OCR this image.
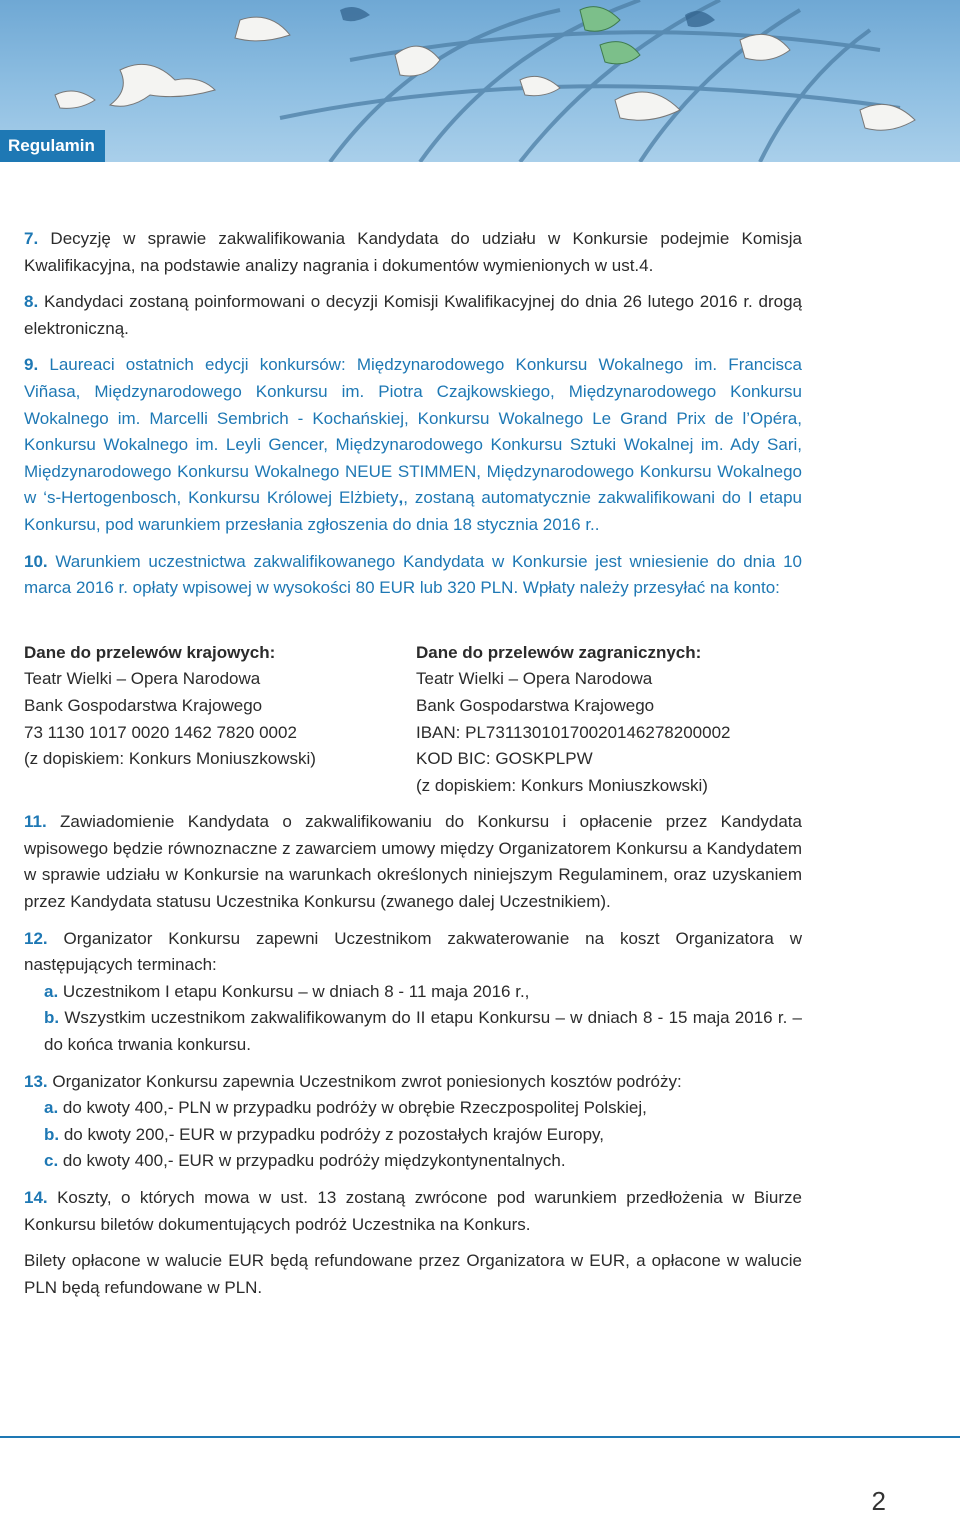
Regulamin

7. Decyzję w sprawie zakwalifikowania Kandydata do udziału w Konkursie podejmie Komisja Kwalifikacyjna, na podstawie analizy nagrania i dokumentów wymienionych w ust.4.

8. Kandydaci zostaną poinformowani o decyzji Komisji Kwalifikacyjnej do dnia 26 lutego 2016 r. drogą elektroniczną.

9. Laureaci ostatnich edycji konkursów: Międzynarodowego Konkursu Wokalnego im. Francisca Viñasa, Międzynarodowego Konkursu im. Piotra Czajkowskiego, Międzynarodowego Konkursu Wokalnego im. Marcelli Sembrich - Kochańskiej, Konkursu Wokalnego Le Grand Prix de l’Opéra, Konkursu Wokalnego im. Leyli Gencer, Międzynarodowego Konkursu Sztuki Wokalnej im. Ady Sari, Międzynarodowego Konkursu Wokalnego NEUE STIMMEN, Międzynarodowego Konkursu Wokalnego w ‘s-Hertogenbosch, Konkursu Królowej Elżbiety,, zostaną automatycznie zakwalifikowani do I etapu Konkursu, pod warunkiem przesłania zgłoszenia do dnia 18 stycznia 2016 r..

10. Warunkiem uczestnictwa zakwalifikowanego Kandydata w Konkursie jest wniesienie do dnia 10 marca 2016 r. opłaty wpisowej w wysokości 80 EUR lub 320 PLN. Wpłaty należy przesyłać na konto:

Dane do przelewów krajowych:
Teatr Wielki – Opera Narodowa
Bank Gospodarstwa Krajowego
73 1130 1017 0020 1462 7820 0002
(z dopiskiem: Konkurs Moniuszkowski)
Dane do przelewów zagranicznych:
Teatr Wielki – Opera Narodowa
Bank Gospodarstwa Krajowego
IBAN: PL73113010170020146278200002
KOD BIC: GOSKPLPW
(z dopiskiem: Konkurs Moniuszkowski)

11. Zawiadomienie Kandydata o zakwalifikowaniu do Konkursu i opłacenie przez Kandydata wpisowego będzie równoznaczne z zawarciem umowy między Organizatorem Konkursu a Kandydatem w sprawie udziału w Konkursie na warunkach określonych niniejszym Regulaminem, oraz uzyskaniem przez Kandydata statusu Uczestnika Konkursu (zwanego dalej Uczestnikiem).

12. Organizator Konkursu zapewni Uczestnikom zakwaterowanie na koszt Organizatora w następujących terminach:

a. Uczestnikom I etapu Konkursu – w dniach 8 - 11 maja 2016 r.,

b. Wszystkim uczestnikom zakwalifikowanym do II etapu Konkursu – w dniach 8 - 15 maja 2016 r. – do końca trwania konkursu.

13. Organizator Konkursu zapewnia Uczestnikom zwrot poniesionych kosztów podróży:

a. do kwoty 400,- PLN w przypadku podróży w obrębie Rzeczpospolitej Polskiej,

b. do kwoty 200,- EUR w przypadku podróży z pozostałych krajów Europy,

c. do kwoty 400,- EUR w przypadku podróży międzykontynentalnych.

14. Koszty, o których mowa w ust. 13 zostaną zwrócone pod warunkiem przedłożenia w Biurze Konkursu biletów dokumentujących podróż Uczestnika na Konkurs.

Bilety opłacone w walucie EUR będą refundowane przez Organizatora w EUR, a opłacone w walucie PLN będą refundowane w PLN.

2
